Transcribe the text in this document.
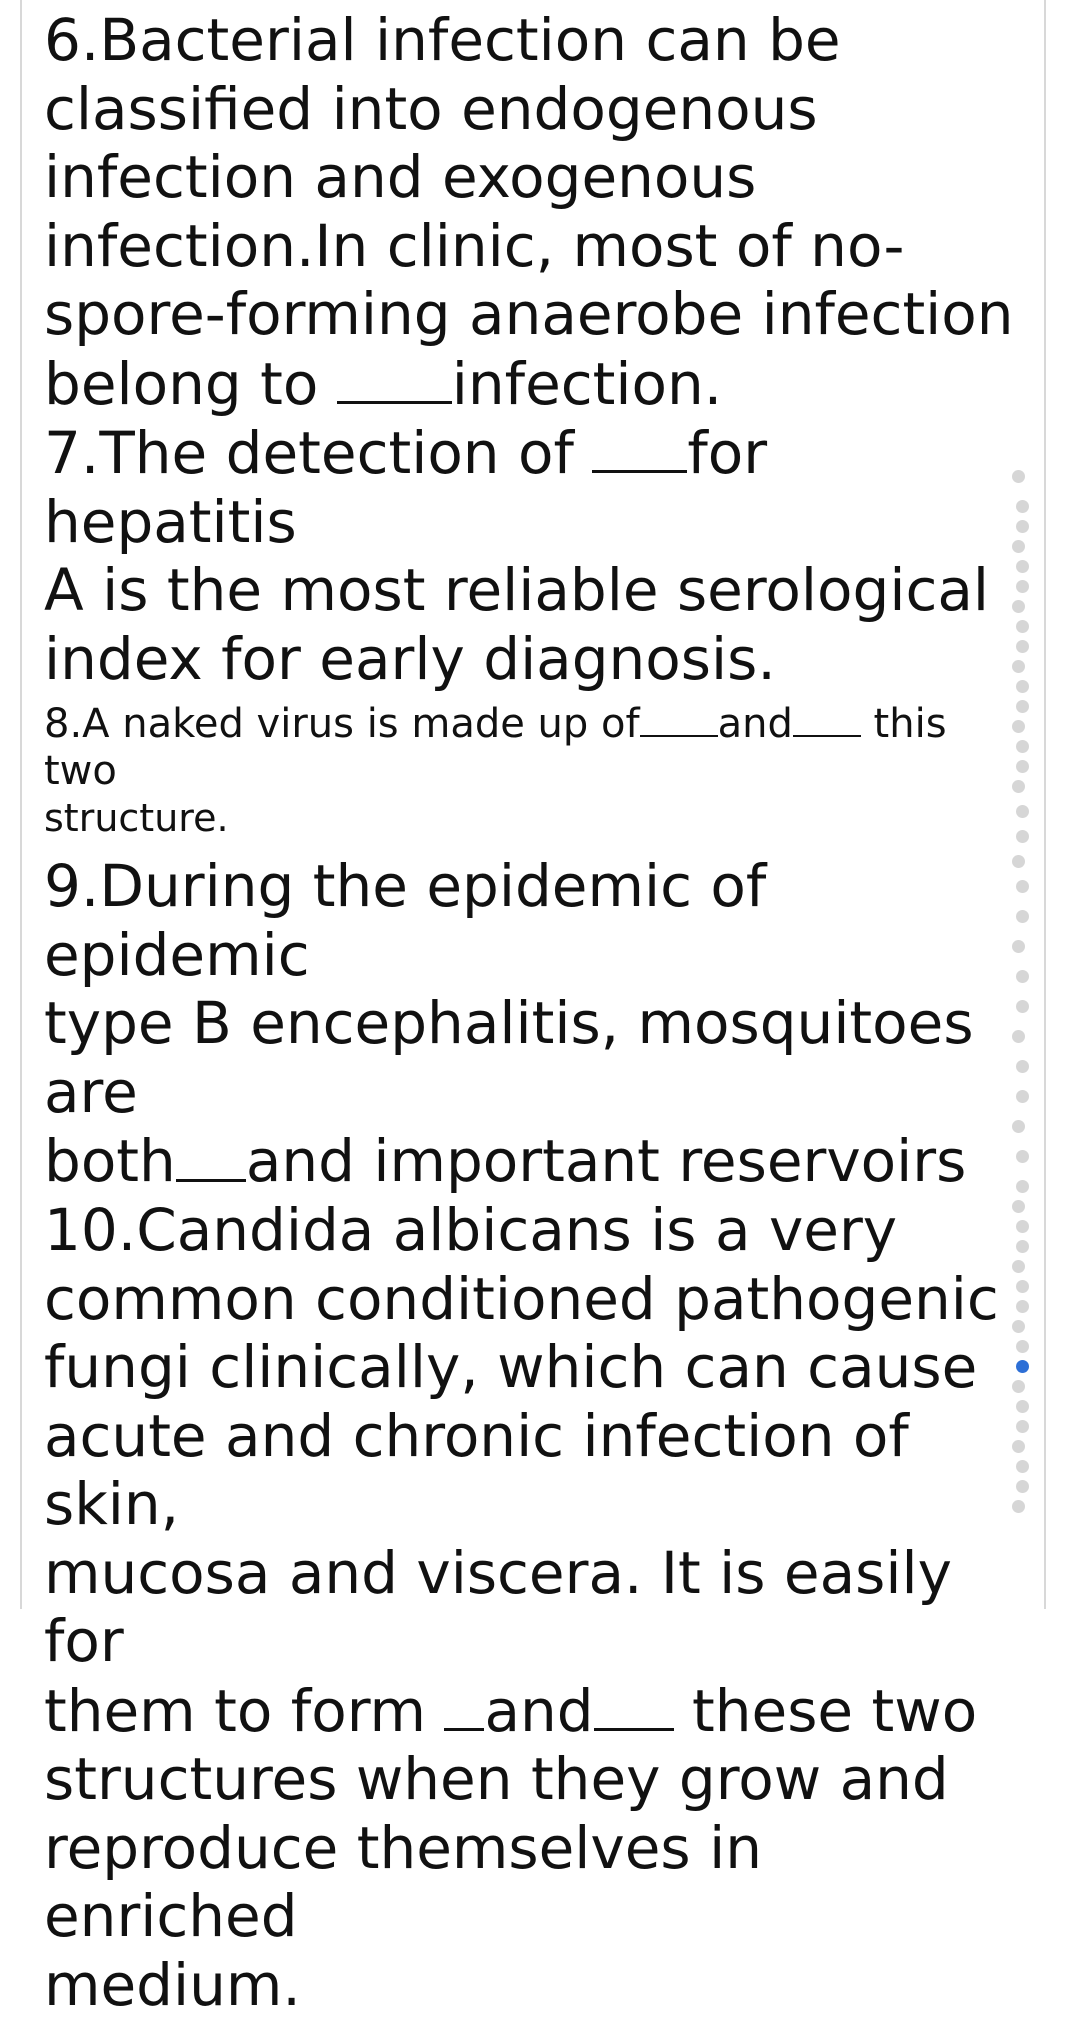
6.Bacterial infection can be

classified into endogenous

infection and exogenous

infection.In clinic, most of no-

spore-forming anaerobe infection

belong to infection.

7.The detection of for hepatitis

A is the most reliable serological

index for early diagnosis.

8.A naked virus is made up of and this two

structure.

9.During the epidemic of epidemic

type B encephalitis, mosquitoes are

both and important reservoirs

10.Candida albicans is a very

common conditioned pathogenic

fungi clinically, which can cause

acute and chronic infection of skin,

mucosa and viscera. It is easily for

them to form and these two

structures when they grow and

reproduce themselves in enriched

medium.
